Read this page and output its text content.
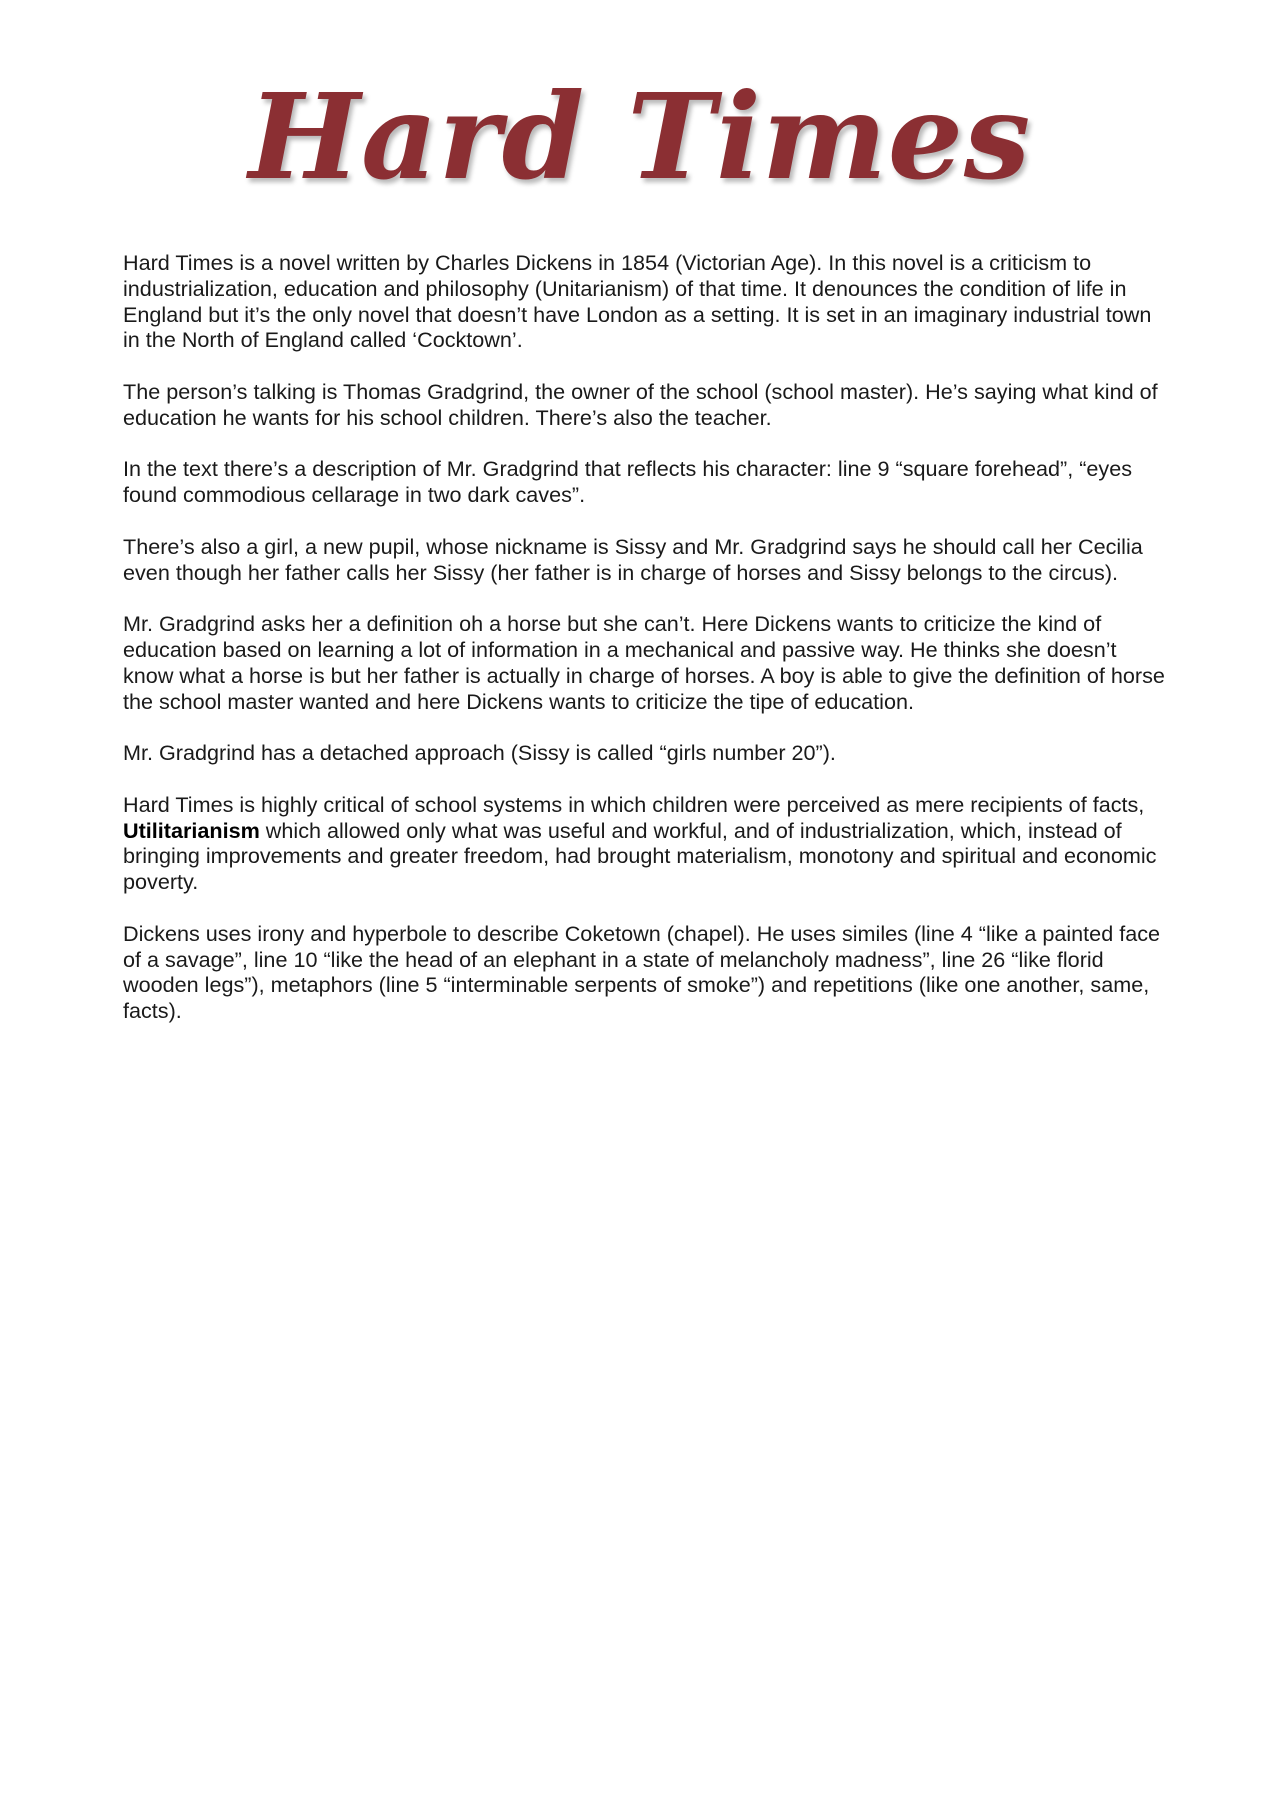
Hard Times

Hard Times is a novel written by Charles Dickens in 1854 (Victorian Age). In this novel is a criticism to industrialization, education and philosophy (Unitarianism) of that time. It denounces the condition of life in England but it’s the only novel that doesn’t have London as a setting. It is set in an imaginary industrial town in the North of England called ‘Cocktown’.

The person’s talking is Thomas Gradgrind, the owner of the school (school master). He’s saying what kind of education he wants for his school children. There’s also the teacher.

In the text there’s a description of Mr. Gradgrind that reflects his character: line 9 “square forehead”, “eyes found commodious cellarage in two dark caves”.

There’s also a girl, a new pupil, whose nickname is Sissy and Mr. Gradgrind says he should call her Cecilia even though her father calls her Sissy (her father is in charge of horses and Sissy belongs to the circus).

Mr. Gradgrind asks her a definition oh a horse but she can’t. Here Dickens wants to criticize the kind of education based on learning a lot of information in a mechanical and passive way. He thinks she doesn’t know what a horse is but her father is actually in charge of horses. A boy is able to give the definition of horse the school master wanted and here Dickens wants to criticize the tipe of education.

Mr. Gradgrind has a detached approach (Sissy is called “girls number 20”).

Hard Times is highly critical of school systems in which children were perceived as mere recipients of facts, Utilitarianism which allowed only what was useful and workful, and of industrialization, which, instead of bringing improvements and greater freedom, had brought materialism, monotony and spiritual and economic poverty.

Dickens uses irony and hyperbole to describe Coketown (chapel). He uses similes (line 4 “like a painted face of a savage”, line 10 “like the head of an elephant in a state of melancholy madness”, line 26 “like florid wooden legs”), metaphors (line 5 “interminable serpents of smoke”) and repetitions (like one another, same, facts).
